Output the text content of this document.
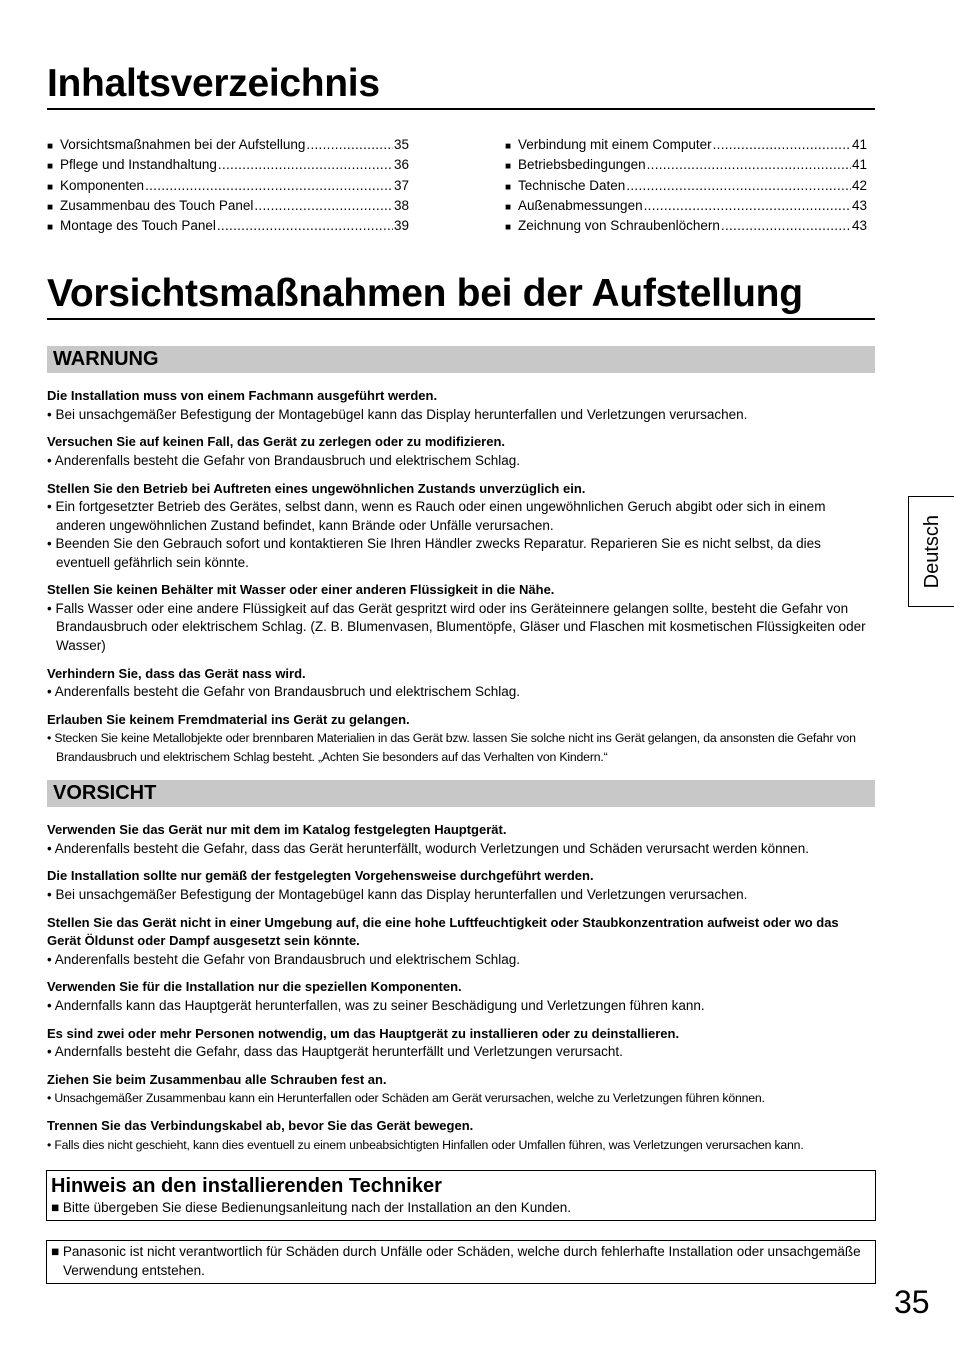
Inhaltsverzeichnis
■ Vorsichtsmaßnahmen bei der Aufstellung .....	35
■ Pflege und Instandhaltung .....	36
■ Komponenten .....	37
■ Zusammenbau des Touch Panel .....	38
■ Montage des Touch Panel .....	39
■ Verbindung mit einem Computer .....	41
■ Betriebsbedingungen .....	41
■ Technische Daten .....	42
■ Außenabmessungen .....	43
■ Zeichnung von Schraubenlöchern .....	43
Vorsichtsmaßnahmen bei der Aufstellung
WARNUNG
Die Installation muss von einem Fachmann ausgeführt werden.
• Bei unsachgemäßer Befestigung der Montagebügel kann das Display herunterfallen und Verletzungen verursachen.
Versuchen Sie auf keinen Fall, das Gerät zu zerlegen oder zu modifizieren.
• Anderenfalls besteht die Gefahr von Brandausbruch und elektrischem Schlag.
Stellen Sie den Betrieb bei Auftreten eines ungewöhnlichen Zustands unverzüglich ein.
• Ein fortgesetzter Betrieb des Gerätes, selbst dann, wenn es Rauch oder einen ungewöhnlichen Geruch abgibt oder sich in einem anderen ungewöhnlichen Zustand befindet, kann Brände oder Unfälle verursachen.
• Beenden Sie den Gebrauch sofort und kontaktieren Sie Ihren Händler zwecks Reparatur. Reparieren Sie es nicht selbst, da dies eventuell gefährlich sein könnte.
Stellen Sie keinen Behälter mit Wasser oder einer anderen Flüssigkeit in die Nähe.
• Falls Wasser oder eine andere Flüssigkeit auf das Gerät gespritzt wird oder ins Geräteinnere gelangen sollte, besteht die Gefahr von Brandausbruch oder elektrischem Schlag. (Z. B. Blumenvasen, Blumentöpfe, Gläser und Flaschen mit kosmetischen Flüssigkeiten oder Wasser)
Verhindern Sie, dass das Gerät nass wird.
• Anderenfalls besteht die Gefahr von Brandausbruch und elektrischem Schlag.
Erlauben Sie keinem Fremdmaterial ins Gerät zu gelangen.
• Stecken Sie keine Metallobjekte oder brennbaren Materialien in das Gerät bzw. lassen Sie solche nicht ins Gerät gelangen, da ansonsten die Gefahr von Brandausbruch und elektrischem Schlag besteht. „Achten Sie besonders auf das Verhalten von Kindern.“
VORSICHT
Verwenden Sie das Gerät nur mit dem im Katalog festgelegten Hauptgerät.
• Anderenfalls besteht die Gefahr, dass das Gerät herunterfällt, wodurch Verletzungen und Schäden verursacht werden können.
Die Installation sollte nur gemäß der festgelegten Vorgehensweise durchgeführt werden.
• Bei unsachgemäßer Befestigung der Montagebügel kann das Display herunterfallen und Verletzungen verursachen.
Stellen Sie das Gerät nicht in einer Umgebung auf, die eine hohe Luftfeuchtigkeit oder Staubkonzentration aufweist oder wo das Gerät Öldunst oder Dampf ausgesetzt sein könnte.
• Anderenfalls besteht die Gefahr von Brandausbruch und elektrischem Schlag.
Verwenden Sie für die Installation nur die speziellen Komponenten.
• Andernfalls kann das Hauptgerät herunterfallen, was zu seiner Beschädigung und Verletzungen führen kann.
Es sind zwei oder mehr Personen notwendig, um das Hauptgerät zu installieren oder zu deinstallieren.
• Andernfalls besteht die Gefahr, dass das Hauptgerät herunterfällt und Verletzungen verursacht.
Ziehen Sie beim Zusammenbau alle Schrauben fest an.
• Unsachgemäßer Zusammenbau kann ein Herunterfallen oder Schäden am Gerät verursachen, welche zu Verletzungen führen können.
Trennen Sie das Verbindungskabel ab, bevor Sie das Gerät bewegen.
• Falls dies nicht geschieht, kann dies eventuell zu einem unbeabsichtigten Hinfallen oder Umfallen führen, was Verletzungen verursachen kann.
Deutsch
Hinweis an den installierenden Techniker
■ Bitte übergeben Sie diese Bedienungsanleitung nach der Installation an den Kunden.
■ Panasonic ist nicht verantwortlich für Schäden durch Unfälle oder Schäden, welche durch fehlerhafte Installation oder unsachgemäße Verwendung entstehen.
35
